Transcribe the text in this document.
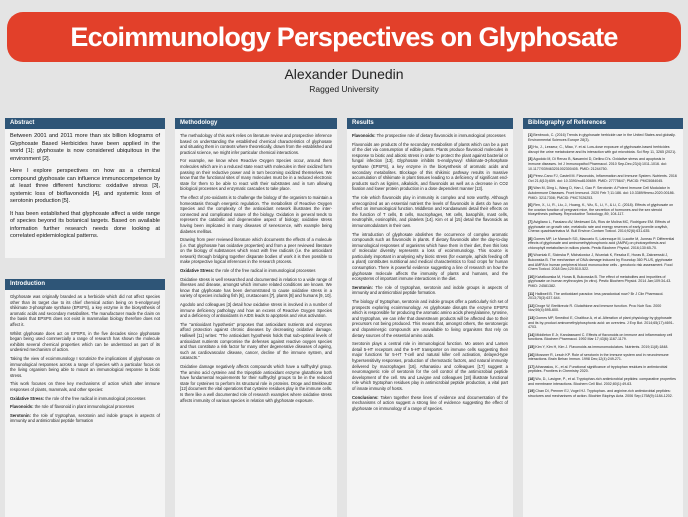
Ecoimmunology Perspectives on Glyphosate
Alexander Dunedin
Ragged University
Abstract

Between 2001 and 2011 more than six billion kilograms of Glyphosate Based Herbicides have been applied in the world [1]; glyphosate is now considered ubiquitous in the environment [2].

Here I explore perspectives on how as a chemical compound glyphosate can influence immunocompetence by at least three different functions: oxidative stress [3], systemic loss of bioflavonoids [4], and systemic loss of serotonin production [5].

It has been established that glyphosate affect a wide range of species beyond its botanical targets. Based on available information further research needs done looking at correlated epidemiological patterns.

Introduction

Glyphosate was originally branded as a herbicide which did not affect species other than its target due to its chief chemical action being on 5-enolpyruvyl shikimate 3-phosphate synthase (EPSPS), a key enzyme in the biosynthesis of aromatic acids and secondary metabolites. The manufacturer made the claim on the basis that EPSPS does not exist in mammalian biology therefore does not affect it.

Whilst glyphosate does act on EPSPS, in the five decades since glyphosate began being used commercially a range of research has shown the molecule exhibits several chemical properties which can be understood as part of its undesired mechanism of action.

Taking the view of ecoimmunology I scrutinize the implications of glyphosate on immunological responses across a range of species with a particular focus on the living organism being able to mount an immunological response to biotic stress.

This work focuses on three key mechanisms of action which alter immune responses of plants, mammals, and other species:

Oxidative Stress: the role of the free radical in immunological processes

Flavonoids: the role of flavonoid in plant immunological processes

Serotonin: the role of tryptophan, serotonin and indole groups in aspects of immunity and antimicrobial peptide formation

Methodology

The methodology of this work relies on literature review and prospective inference based on understanding the established chemical characteristics of glyphosate and situating them in contexts where theoretically, drawn from the established and practical science, we might infer particular chemical interactions.

For example, we know when Reactive Oxygen Species occur, around them molecules which are in a reduced state react with molecules in their oxidized form passing on their reductive power and in turn becoming oxidized themselves. We know that the functional sites of many molecules must be in a reduced electronic state for them to be able to react with their substrates and in turn allowing biological processes and enzymatic cascades to take place.

The effect of pro-oxidants is to challenge the biology of the organism to maintain a homeostasis through energetic regulation. The metabolism of Reactive Oxygen Species and the complexity of the antioxidant network illustrates the inter-connected and complicated nature of the biology. Oxidation in general tends to represent the catabolic and degenerative aspect of biology; oxidative stress having been implicated in many diseases of senescence, with example being diabetes mellitus.

Drawing from peer reviewed literature which documents the effects of a molecule (i.e. that glyphosate has oxidative properties) and from a peer reviewed literature on the biology of substances which react with free radicals (i.e. the antioxidant network) through bridging together disparate bodies of work it is then possible to make prospective logical inferences in the research process.

Oxidative Stress: the role of the free radical in immunological processes

Oxidative stress is well researched and documented in relation to a wide range of illnesses and disease, amongst which immune related conditions are known. We know that glyphosate has been demonstrated to cause oxidative stress in a variety of species including fish [6], crustaceans [7], plants [8] and humans [9, 10].

Agodolo and colleagues [3] detail how oxidative stress is involved in a number of immune deficiency pathology and how an excess of Reactive Oxygen Species and a deficiency of antioxidants in AIDS leads to apoptosis and virus activation.

The "antioxidant hypothesis" proposes that antioxidant nutrients and enzymes afford protection against chronic diseases by decreasing oxidative damage. Halliwell [11] writes: "The antioxidant hypothesis holds that sub-optimal levels of antioxidant nutrients compromise the defenses against reactive oxygen species and thus constitute a risk factor for many other degenerative diseases of ageing, such as cardiovascular disease, cancer, decline of the immune system, and cataracts."

Oxidative damage negatively affects compounds which have a sulfhydryl group. The amino acid cysteine and the tripeptide antioxidant enzyme glutathione both have fundamental requirements for their sulfhydryl groups to be in the reduced state for cysteines to perform its structural role in proteins. Droge and Breitkreutz [12] document the vital operations that cysteine residues play in the immune cells. Is there like a well documented role of research examples where oxidative stress affects immunity of various species in relation with glyphosate exposure.

Results

Flavonoids: The prospective role of dietary flavonoids in immunological processes

Flavonoids are products of the secondary metabolism of plants which can be a part of the diet via consumption of edible plants. Plants produce flavonoid molecules in response to biotic and abiotic stress in order to protect the plant against bacterial or fungal infection [13]. Glyphosate inhibits 5-enolpyruvyl shikimate-3-phosphate synthase (EPSPS), a key enzyme in the biosynthesis of aromatic acids and secondary metabolites. Blockage of this shikimic pathway results in massive accumulation of shikimate in plant tissues leading to a deficiency of significant end-products such as lignins, alkaloids, and flavonoids as well as a decrease in CO2 fixation and lower protein production in a dose dependent manner [13].

The role which flavonoids play in immunity is complex and note worthy. Although unrecognized as an essential nutrient the levels of flavonoids in diets do have an effect on immunological function. Middleton and Kandaswami detail their effects on the function of T cells, B cells, macrophages, NK cells, basophils, mast cells, neutrophils, eosinophils, and platelets [14]. Kim et al [15] detail the flavonoids as immunomodulators in their own.

The introduction of glyphosate abolishes the occurrence of complex aromatic compounds such as flavonoids in plants. If dietary flavonoids alter the day-to-day immunological responses of organisms which have them in their diet, then this loss of molecular diversity represents a loss of ecoimmunology. This source is particularly important in analysing why biotic stress (for example, aphids feeding off a plant) contributes nutritional and medical characteristics to food crops for human consumption. There is powerful evidence suggesting a line of research on how the glyphosate molecule affects the immunity of plants and humans, and the ecosystems of important immune interactions in the diet.

Serotonin: The role of tryptophan, serotonin and indole groups in aspects of immunity and antimicrobial peptide formation.

The biology of tryptophan, serotonin and indole groups offer a particularly rich set of prospects exploring ecoimmunology. As glyphosate disrupts the enzyme EPSPS which is responsible for producing the aromatic amino acids phenylalanine, tyrosine, and tryptophan, we can infer that downstream products will be affected due to their precursors not being produced. This means that, amongst others, the serotonergic and dopaminergic compounds are unavailable to living organisms that rely on dietary sources of the essential amino acids.

Serotonin plays a central role in immunological function. Mo assen and Larsen detail 5-HT receptors and the 5-HT transporter on immune cells suggesting their major functions for 5-HT T-cell and natural killer cell activation, delayed-type hypersensitivity responses, production of chemotactic factors, and natural immunity delivered by macrophages [16]. Athanasiou and colleagues [17] suggest a neuromagnetic role of serotonin for the cell control of the antimicrobial peptide development of the cell. Wu and Lavigne and colleagues [18] illustrate functional role which tryptophan residues play in antimicrobial peptide production, a vital part of innate immunity of hosts.

Conclusions: Taken together these lines of evidence and documentation of the mechanisms of action suggest a strong line of evidence suggesting the effect of glyphosate on immunology of a range of species.

Bibliography of References

[1] Benbrook, C. (2016) Trends in glyphosate herbicide use in the United States and globally. Environmental Sciences Europe 28(3).

[2] Hu, J., Lesseur, C., Miao, Y. et al. Low-dose exposure of glyphosate-based herbicides disrupt the urine metabolome and its interaction with gut microbiota. Sci Rep 11, 3265 (2021).

[3] Agodolo M, Di Renzo B, Nasarnini D, Dellino D's. Oxidative stress and apoptosis in immune diseases. Int J Immunopathol Pharmacol. 2010 Sep-Dec;23(4):1011-1016. doi: 10.1177/039463201002300405. PMID: 21244750.

[4] Pérez-Cano FJ, Castell M. Flavonoids, Inflammation and Immune System. Nutrients. 2016 Oct 21;8(10):659. doi: 10.3390/nu8100659. PMID: 27775647; PMCID: PMC5084045.

[5] Wan M, Ding L, Wang D, Han J, Gao P. Serotonin: A Potent Immune Cell Modulator in Autoimmune Diseases. Front Immunol. 2020 Feb 7;11:186. doi: 10.3389/fimmu.2020.00186. PMID: 32117308; PMCID: PMC7026253.

[6] Ren, X., Li, R., Liu, J., Huang, K., Wu, S., Li, Y., & Li, C. (2018). Effects of glyphosate on the ovarian function of pregnant mice, the secretion of hormones and the sex steroid biosynthesis pathway. Reproductive Toxicology, 89, 104-117.

[7] Avigliano L, Fassiano AV, Medesani DA, Rios de Molina MC, Rodriguez EM. Effects of glyphosate on growth rate, metabolic rate and energy reserves of early juvenile crayfish, Cherax quadricarinatus M. Bull Environ Contam Toxicol. 2014;92(6):631-635.

[8] Gomes MP, Le Manac'h SG, Maccario S, Labrecque M, Lucotte M, Juneau P. Differential effects of glyphosate and aminomethylphosphonic acid (AMPA) on photosynthesis and chlorophyll metabolism in willow plants. Pestic Biochem Physiol. 2016;130:65-70.

[9] Wozniak E, Sicinska P, Michalowicz J, Wozniak K, Reszka E, Huras B, Zakrzewski J, Bukowska B. The mechanism of DNA damage induced by Roundup 360 PLUS, glyphosate and AMPA in human peripheral blood mononuclear cells - genotoxic risk assessment. Food Chem Toxicol. 2018 Dec;120:510-522.

[10] Kwiatkowska M, Huras B, Bukowska B. The effect of metabolites and impurities of glyphosate on human erythrocytes (in vitro). Pestic Biochem Physiol. 2014 Jan;109:34-43. PMID: 24581382.

[11] Halliwell B. The antioxidant paradox: less paradoxical now? Br J Clin Pharmacol. 2013;75(3):637-644.

[12] Droge W, Breitkreutz R. Glutathione and immune function. Proc Nutr Soc. 2000 Nov;59(4):595-600.

[13] Gomes MP, Smedbol E, Chalifour A, et al. Alteration of plant physiology by glyphosate and its by-product aminomethylphosphonic acid: an overview. J Exp Bot. 2014;65(17):4691-4703.

[14] Middleton E Jr, Kandaswami C. Effects of flavonoids on immune and inflammatory cell functions. Biochem Pharmacol. 1992 Mar 17;43(6):1167-1179.

[15] Kim Y, Kim H, Kim J. Flavonoids as immunomodulators. Nutrients. 2019;11(8):1848.

[16] Mossner R, Lesch KP. Role of serotonin in the immune system and in neuroimmune interactions. Brain Behav Immun. 1998 Dec;12(4):249-271.

[17] Athanasiou, K., et al. Functional significance of tryptophan residues in antimicrobial peptides. Frontiers in Chemistry 2020.

[18] Wu, D., Lavigne, P., et al. Tryptophan-rich antimicrobial peptides: comparative properties and membrane interactions. Biochem Cell Biol. 2002;80(1):49-63.

[19] Chan DI, Prenner EJ, Vogel HJ. Tryptophan- and arginine-rich antimicrobial peptides: structures and mechanisms of action. Biochim Biophys Acta. 2006 Sep;1758(9):1184-1202.
